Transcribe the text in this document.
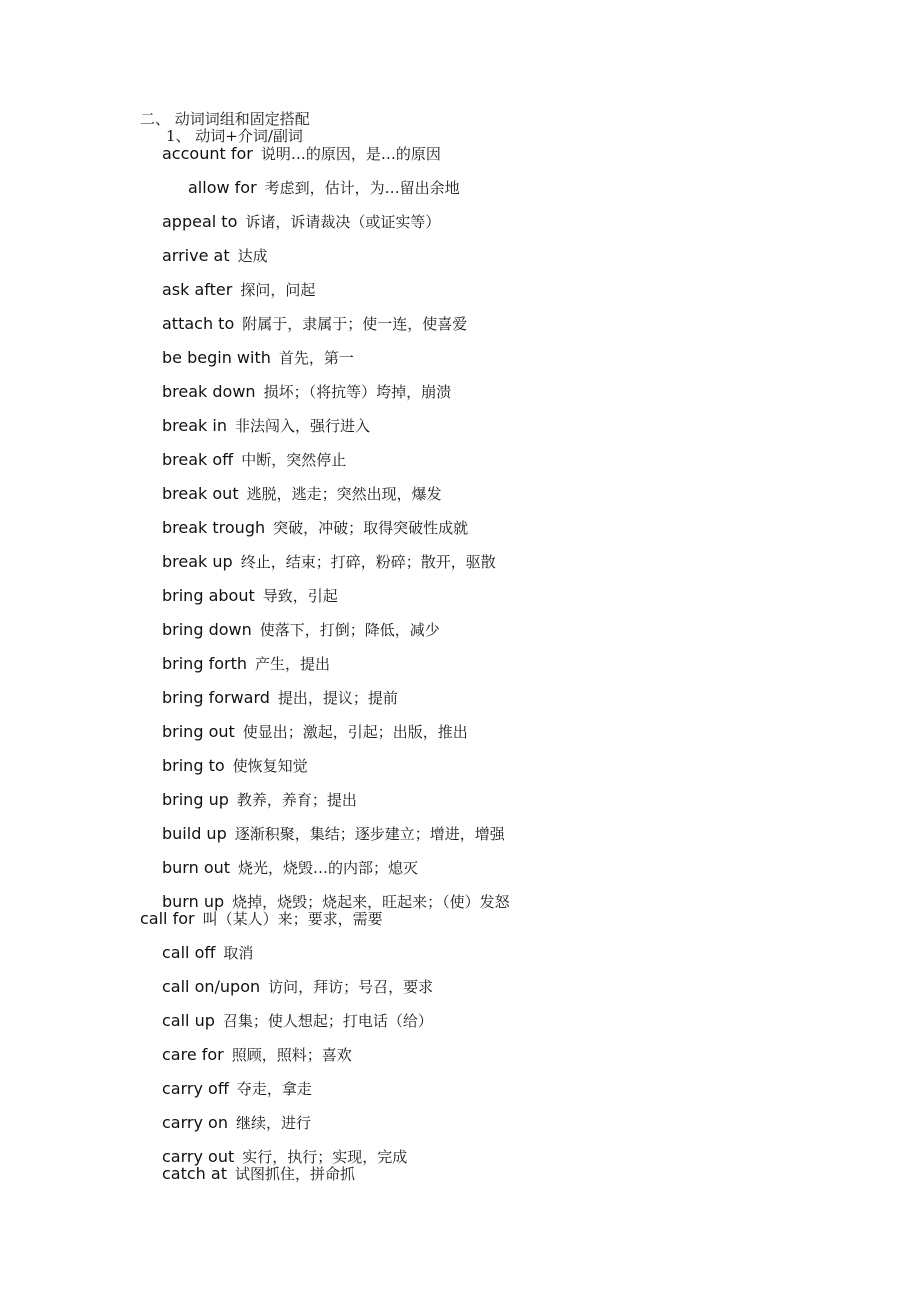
二、 动词词组和固定搭配
1、 动词+介词/副词
account for 说明…的原因，是…的原因
allow for 考虑到，估计，为…留出余地
appeal to 诉诸，诉请裁决（或证实等）
arrive at 达成
ask after 探问，问起
attach to 附属于，隶属于；使一连，使喜爱
be begin with 首先，第一
break down 损坏；（将抗等）垮掉，崩溃
break in 非法闯入，强行进入
break off 中断，突然停止
break out 逃脱，逃走；突然出现，爆发
break trough 突破，冲破；取得突破性成就
break up 终止，结束；打碎，粉碎；散开，驱散
bring about 导致，引起
bring down 使落下，打倒；降低，减少
bring forth 产生，提出
bring forward 提出，提议；提前
bring out 使显出；激起，引起；出版，推出
bring to 使恢复知觉
bring up 教养，养育；提出
build up 逐渐积聚，集结；逐步建立；增进，增强
burn out 烧光，烧毁…的内部；熄灭
burn up 烧掉，烧毁；烧起来，旺起来；（使）发怒
call for 叫（某人）来；要求，需要
call off 取消
call on/upon 访问，拜访；号召，要求
call up 召集；使人想起；打电话（给）
care for 照顾，照料；喜欢
carry off 夺走，拿走
carry on 继续，进行
carry out 实行，执行；实现，完成
catch at 试图抓住，拼命抓
